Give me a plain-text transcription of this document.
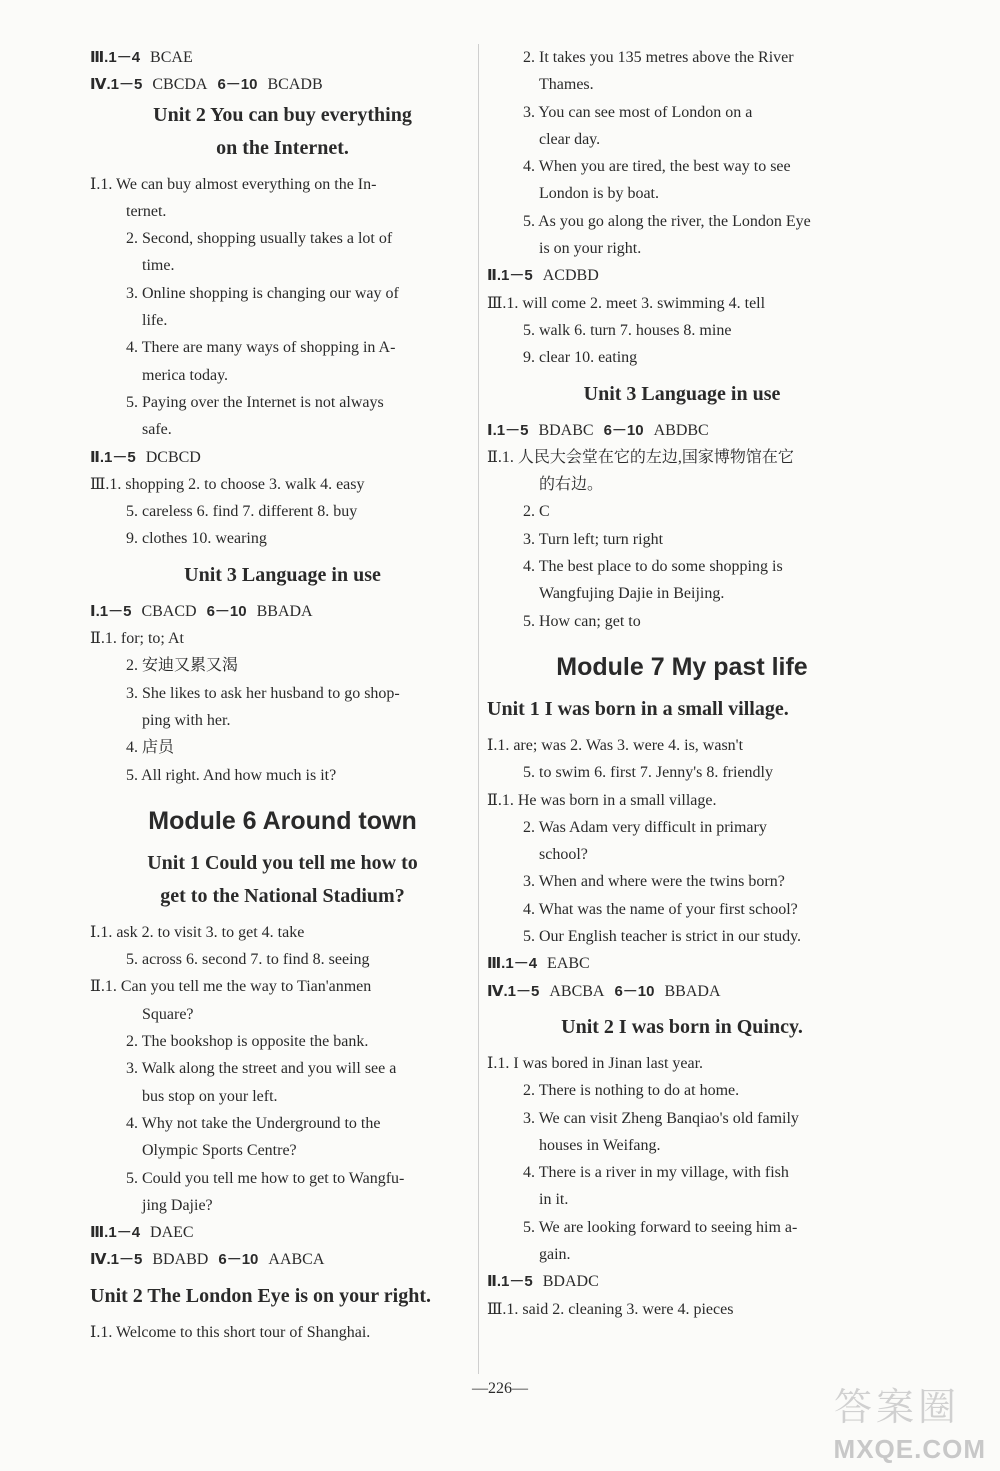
Ⅲ.1－4 BCAE
Ⅳ.1－5 CBCDA 6－10 BCADB
Unit 2 You can buy everything
on the Internet.
Ⅰ.1. We can buy almost everything on the In-
ternet.
2. Second, shopping usually takes a lot of
time.
3. Online shopping is changing our way of
life.
4. There are many ways of shopping in A-
merica today.
5. Paying over the Internet is not always
safe.
Ⅱ.1－5 DCBCD
Ⅲ.1. shopping 2. to choose 3. walk 4. easy
5. careless 6. find 7. different 8. buy
9. clothes 10. wearing
Unit 3 Language in use
Ⅰ.1－5 CBACD 6－10 BBADA
Ⅱ.1. for; to; At
2. 安迪又累又渴
3. She likes to ask her husband to go shop-
ping with her.
4. 店员
5. All right. And how much is it?
Module 6 Around town
Unit 1 Could you tell me how to
get to the National Stadium?
Ⅰ.1. ask 2. to visit 3. to get 4. take
5. across 6. second 7. to find 8. seeing
Ⅱ.1. Can you tell me the way to Tian'anmen
Square?
2. The bookshop is opposite the bank.
3. Walk along the street and you will see a
bus stop on your left.
4. Why not take the Underground to the
Olympic Sports Centre?
5. Could you tell me how to get to Wangfu-
jing Dajie?
Ⅲ.1－4 DAEC
Ⅳ.1－5 BDABD 6－10 AABCA
Unit 2 The London Eye is on your right.
Ⅰ.1. Welcome to this short tour of Shanghai.
2. It takes you 135 metres above the River
Thames.
3. You can see most of London on a
clear day.
4. When you are tired, the best way to see
London is by boat.
5. As you go along the river, the London Eye
is on your right.
Ⅱ.1－5 ACDBD
Ⅲ.1. will come 2. meet 3. swimming 4. tell
5. walk 6. turn 7. houses 8. mine
9. clear 10. eating
Unit 3 Language in use
Ⅰ.1－5 BDABC 6－10 ABDBC
Ⅱ.1. 人民大会堂在它的左边,国家博物馆在它
的右边。
2. C
3. Turn left; turn right
4. The best place to do some shopping is
Wangfujing Dajie in Beijing.
5. How can; get to
Module 7 My past life
Unit 1 I was born in a small village.
Ⅰ.1. are; was 2. Was 3. were 4. is, wasn't
5. to swim 6. first 7. Jenny's 8. friendly
Ⅱ.1. He was born in a small village.
2. Was Adam very difficult in primary
school?
3. When and where were the twins born?
4. What was the name of your first school?
5. Our English teacher is strict in our study.
Ⅲ.1－4 EABC
Ⅳ.1－5 ABCBA 6－10 BBADA
Unit 2 I was born in Quincy.
Ⅰ.1. I was bored in Jinan last year.
2. There is nothing to do at home.
3. We can visit Zheng Banqiao's old family
houses in Weifang.
4. There is a river in my village, with fish
in it.
5. We are looking forward to seeing him a-
gain.
Ⅱ.1－5 BDADC
Ⅲ.1. said 2. cleaning 3. were 4. pieces
—226—	答案圈
MXQE.COM
